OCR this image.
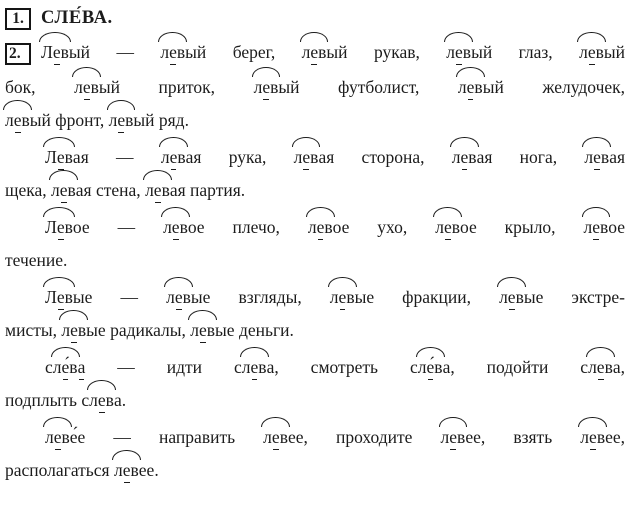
1. СЛЕ́ВА.
2. Левый — левый берег, левый рукав, левый глаз, левый
бок, левый приток, левый футболист, левый желудочек,
левый фронт, левый ряд.
Левая — левая рука, левая сторона, левая нога, левая
щека, левая стена, левая партия.
Левое — левое плечо, левое ухо, левое крыло, левое
течение.
Левые — левые взгляды, левые фракции, левые экстре-
мисты, левые радикалы, левые деньги.
сле́ва — идти слева, смотреть сле́ва, подойти слева,
подплыть слева.
леве́е — направить левее, проходите левее, взять левее,
располагаться левее.
